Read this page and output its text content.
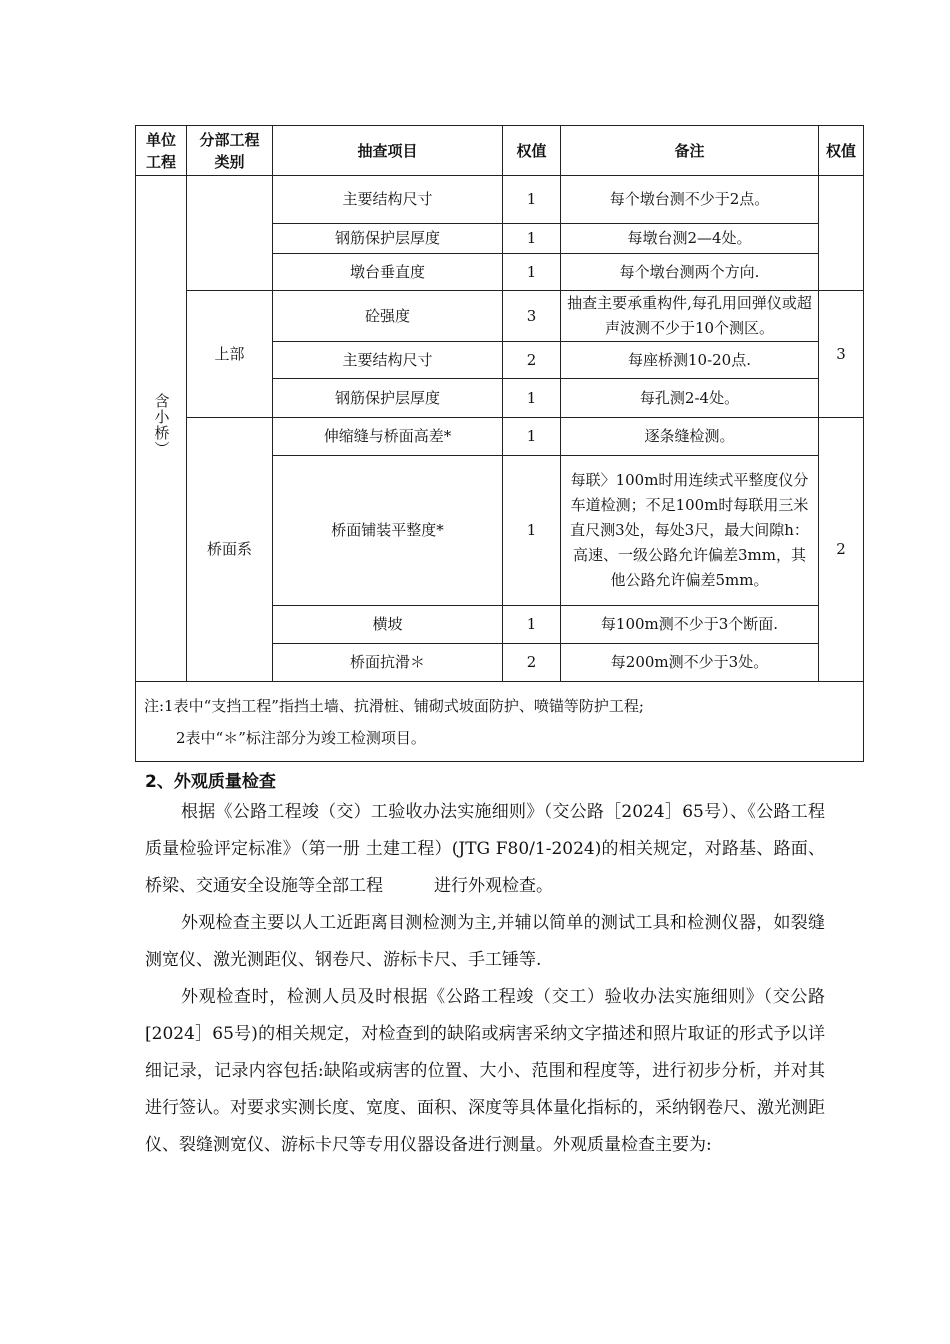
单位工程	分部工程类别	抽查项目	权值	备注	权值
含小桥）		主要结构尺寸	1	每个墩台测不少于2点。	
		钢筋保护层厚度	1	每墩台测2—4处。	
		墩台垂直度	1	每个墩台测两个方向.	
	上部	砼强度	3	抽查主要承重构件,每孔用回弹仪或超声波测不少于10个测区。	3
		主要结构尺寸	2	每座桥测10-20点.	
		钢筋保护层厚度	1	每孔测2-4处。	
	桥面系	伸缩缝与桥面高差*	1	逐条缝检测。	2
		桥面铺装平整度*	1	每联〉100m时用连续式平整度仪分车道检测；不足100m时每联用三米直尺测3处，每处3尺，最大间隙h：高速、一级公路允许偏差3mm，其他公路允许偏差5mm。	
		横坡	1	每100m测不少于3个断面.	
		桥面抗滑＊	2	每200m测不少于3处。	

注:1表中“支挡工程”指挡土墙、抗滑桩、铺砌式坡面防护、喷锚等防护工程;
2表中“＊”标注部分为竣工检测项目。					
2、外观质量检查
根据《公路工程竣（交）工验收办法实施细则》（交公路［2024］65号）、《公路工程质量检验评定标准》（第一册 土建工程）(JTG F80/1-2024)的相关规定，对路基、路面、桥梁、交通安全设施等全部工程　　　进行外观检查。
外观检查主要以人工近距离目测检测为主,并辅以简单的测试工具和检测仪器，如裂缝测宽仪、激光测距仪、钢卷尺、游标卡尺、手工锤等.
外观检查时，检测人员及时根据《公路工程竣（交工）验收办法实施细则》（交公路[2024］65号)的相关规定，对检查到的缺陷或病害采纳文字描述和照片取证的形式予以详细记录，记录内容包括:缺陷或病害的位置、大小、范围和程度等，进行初步分析，并对其进行签认。对要求实测长度、宽度、面积、深度等具体量化指标的，采纳钢卷尺、激光测距仪、裂缝测宽仪、游标卡尺等专用仪器设备进行测量。外观质量检查主要为:
